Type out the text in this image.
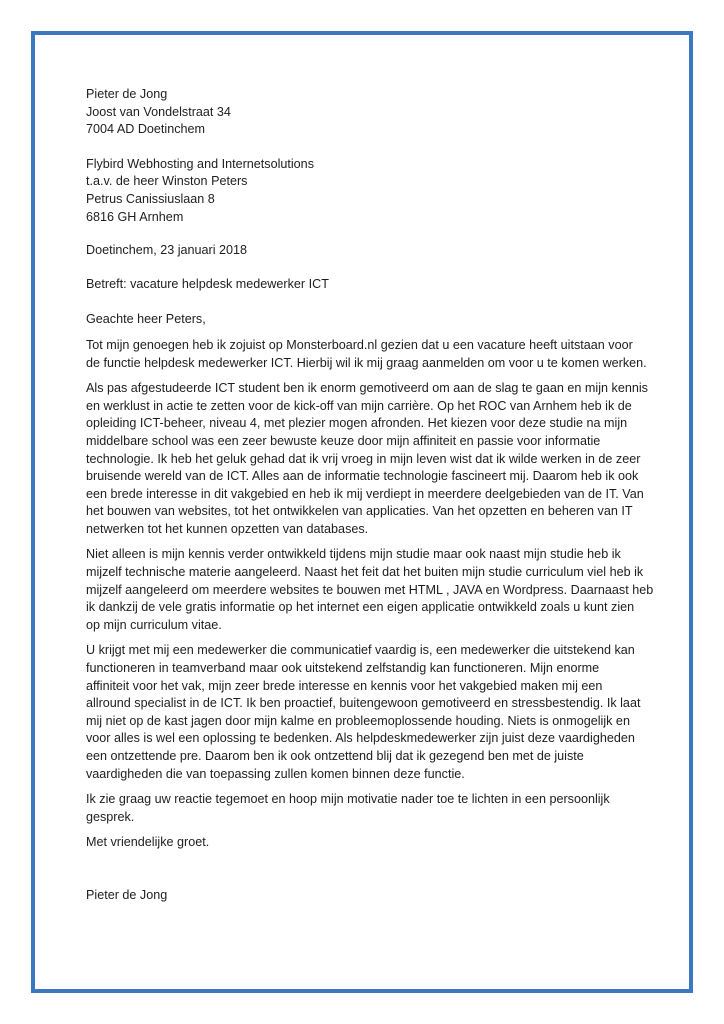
Pieter de Jong
Joost van Vondelstraat 34
7004 AD Doetinchem
Flybird Webhosting and Internetsolutions
t.a.v. de heer Winston Peters
Petrus Canissiuslaan 8
6816 GH Arnhem
Doetinchem, 23 januari 2018
Betreft: vacature helpdesk medewerker ICT
Geachte heer Peters,

Tot mijn genoegen heb ik zojuist op Monsterboard.nl gezien dat u een vacature heeft uitstaan voor
de functie helpdesk medewerker ICT. Hierbij wil ik mij graag aanmelden om voor u te komen werken.

Als pas afgestudeerde ICT student ben ik enorm gemotiveerd om aan de slag te gaan en mijn kennis
en werklust in actie te zetten voor de kick-off van mijn carrière. Op het ROC van Arnhem heb ik de
opleiding ICT-beheer, niveau 4, met plezier mogen afronden. Het kiezen voor deze studie na mijn
middelbare school was een zeer bewuste keuze door mijn affiniteit en passie voor informatie
technologie. Ik heb het geluk gehad dat ik vrij vroeg in mijn leven wist dat ik wilde werken in de zeer
bruisende wereld van de ICT. Alles aan de informatie technologie fascineert mij. Daarom heb ik ook
een brede interesse in dit vakgebied en heb ik mij verdiept in meerdere deelgebieden van de IT. Van
het bouwen van websites, tot het ontwikkelen van applicaties. Van het opzetten en beheren van IT
netwerken tot het kunnen opzetten van databases.

Niet alleen is mijn kennis verder ontwikkeld tijdens mijn studie maar ook naast mijn studie heb ik
mijzelf technische materie aangeleerd. Naast het feit dat het buiten mijn studie curriculum viel heb ik
mijzelf aangeleerd om meerdere websites te bouwen met HTML , JAVA en Wordpress. Daarnaast heb
ik dankzij de vele gratis informatie op het internet een eigen applicatie ontwikkeld zoals u kunt zien
op mijn curriculum vitae.

U krijgt met mij een medewerker die communicatief vaardig is, een medewerker die uitstekend kan
functioneren in teamverband maar ook uitstekend zelfstandig kan functioneren. Mijn enorme
affiniteit voor het vak, mijn zeer brede interesse en kennis voor het vakgebied maken mij een
allround specialist in de ICT. Ik ben proactief, buitengewoon gemotiveerd en stressbestendig. Ik laat
mij niet op de kast jagen door mijn kalme en probleemoplossende houding. Niets is onmogelijk en
voor alles is wel een oplossing te bedenken. Als helpdeskmedewerker zijn juist deze vaardigheden
een ontzettende pre. Daarom ben ik ook ontzettend blij dat ik gezegend ben met de juiste
vaardigheden die van toepassing zullen komen binnen deze functie.

Ik zie graag uw reactie tegemoet en hoop mijn motivatie nader toe te lichten in een persoonlijk
gesprek.

Met vriendelijke groet.
Pieter de Jong
